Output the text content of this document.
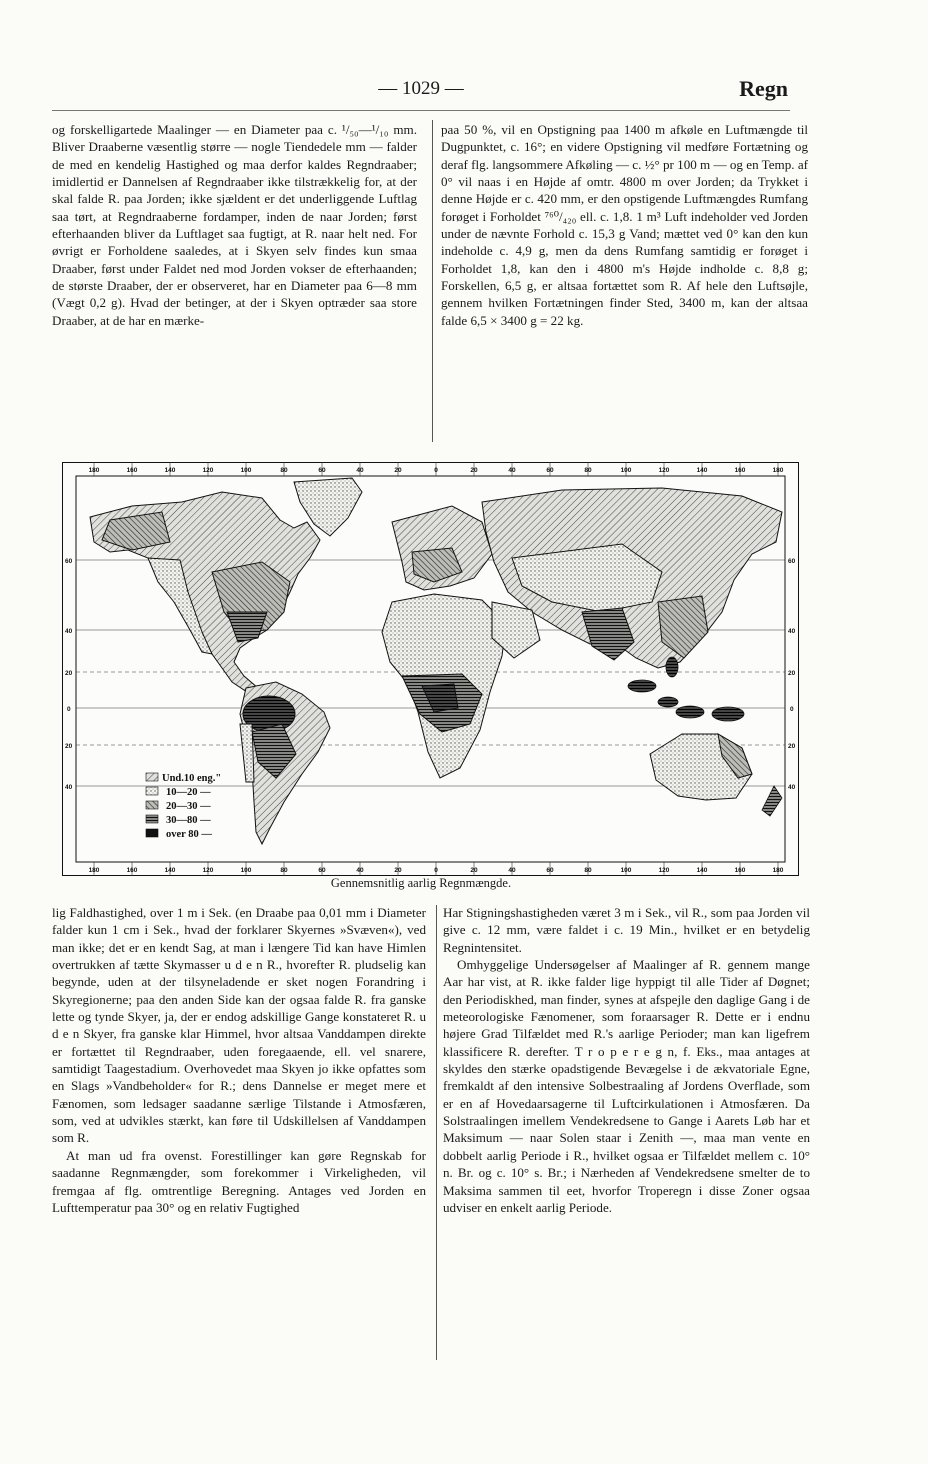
— 1029 —	Regn

og forskelligartede Maalinger — en Diameter paa c. ¹/₅₀—¹/₁₀ mm. Bliver Draaberne væsentlig større — nogle Tiendedele mm — falder de med en kendelig Hastighed og maa derfor kaldes Regndraaber; imidlertid er Dannelsen af Regndraaber ikke tilstrækkelig for, at der skal falde R. paa Jorden; ikke sjældent er det underliggende Luftlag saa tørt, at Regndraaberne fordamper, inden de naar Jorden; først efterhaanden bliver da Luftlaget saa fugtigt, at R. naar helt ned. For øvrigt er Forholdene saaledes, at i Skyen selv findes kun smaa Draaber, først under Faldet ned mod Jorden vokser de efterhaanden; de største Draaber, der er observeret, har en Diameter paa 6—8 mm (Vægt 0,2 g). Hvad der betinger, at der i Skyen optræder saa store Draaber, at de har en mærke-

paa 50 %, vil en Opstigning paa 1400 m afkøle en Luftmængde til Dugpunktet, c. 16°; en videre Opstigning vil medføre Fortætning og deraf flg. langsommere Afkøling — c. ½° pr 100 m — og en Temp. af 0° vil naas i en Højde af omtr. 4800 m over Jorden; da Trykket i denne Højde er c. 420 mm, er den opstigende Luftmængdes Rumfang forøget i Forholdet ⁷⁶⁰/₄₂₀ ell. c. 1,8. 1 m³ Luft indeholder ved Jorden under de nævnte Forhold c. 15,3 g Vand; mættet ved 0° kan den kun indeholde c. 4,9 g, men da dens Rumfang samtidig er forøget i Forholdet 1,8, kan den i 4800 m's Højde indholde c. 8,8 g; Forskellen, 6,5 g, er altsaa fortættet som R. Af hele den Luftsøjle, gennem hvilken Fortætningen finder Sted, 3400 m, kan der altsaa falde 6,5 × 3400 g = 22 kg.

180	160	140	120	100	80	60	40	20	0	20	40	60	80	100	120	140	160	180
180	160	140	120	100	80	60	40	20	0	20	40	60	80	100	120	140	160	180
60
40
20
0
20
40
60
40
20
0
20
40
Und.10 eng."
10—20 —
20—30 —
30—80 —
over 80 —
Gennemsnitlig aarlig Regnmængde.

lig Faldhastighed, over 1 m i Sek. (en Draabe paa 0,01 mm i Diameter falder kun 1 cm i Sek., hvad der forklarer Skyernes »Svæven«), ved man ikke; det er en kendt Sag, at man i længere Tid kan have Himlen overtrukken af tætte Skymasser u d e n R., hvorefter R. pludselig kan begynde, uden at der tilsyneladende er sket nogen Forandring i Skyregionerne; paa den anden Side kan der ogsaa falde R. fra ganske lette og tynde Skyer, ja, der er endog adskillige Gange konstateret R. u d e n Skyer, fra ganske klar Himmel, hvor altsaa Vanddampen direkte er fortættet til Regndraaber, uden foregaaende, ell. vel snarere, samtidigt Taagestadium. Overhovedet maa Skyen jo ikke opfattes som en Slags »Vandbeholder« for R.; dens Dannelse er meget mere et Fænomen, som ledsager saadanne særlige Tilstande i Atmosfæren, som, ved at udvikles stærkt, kan føre til Udskillelsen af Vanddampen som R.

At man ud fra ovenst. Forestillinger kan gøre Regnskab for saadanne Regnmængder, som forekommer i Virkeligheden, vil fremgaa af flg. omtrentlige Beregning. Antages ved Jorden en Lufttemperatur paa 30° og en relativ Fugtighed

Har Stigningshastigheden været 3 m i Sek., vil R., som paa Jorden vil give c. 12 mm, være faldet i c. 19 Min., hvilket er en betydelig Regnintensitet.

Omhyggelige Undersøgelser af Maalinger af R. gennem mange Aar har vist, at R. ikke falder lige hyppigt til alle Tider af Døgnet; den Periodiskhed, man finder, synes at afspejle den daglige Gang i de meteorologiske Fænomener, som foraarsager R. Dette er i endnu højere Grad Tilfældet med R.'s aarlige Perioder; man kan ligefrem klassificere R. derefter. T r o p e r e g n, f. Eks., maa antages at skyldes den stærke opadstigende Bevægelse i de ækvatoriale Egne, fremkaldt af den intensive Solbestraaling af Jordens Overflade, som er en af Hovedaarsagerne til Luftcirkulationen i Atmosfæren. Da Solstraalingen imellem Vendekredsene to Gange i Aarets Løb har et Maksimum — naar Solen staar i Zenith —, maa man vente en dobbelt aarlig Periode i R., hvilket ogsaa er Tilfældet mellem c. 10° n. Br. og c. 10° s. Br.; i Nærheden af Vendekredsene smelter de to Maksima sammen til eet, hvorfor Troperegn i disse Zoner ogsaa udviser en enkelt aarlig Periode.
